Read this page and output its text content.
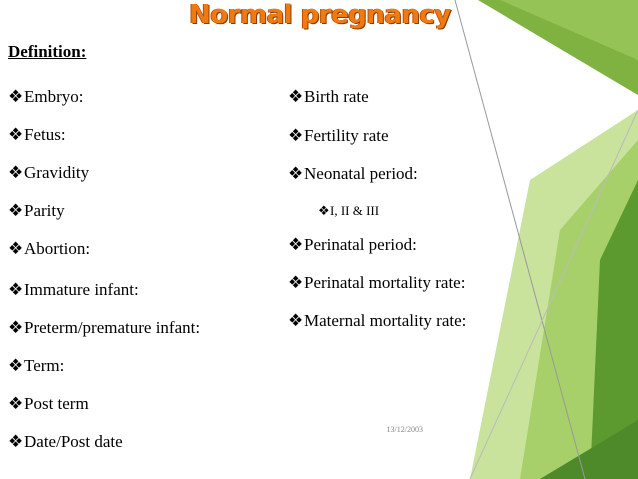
Normal pregnancy
Definition:
❖Embryo:
❖Fetus:
❖Gravidity
❖Parity
❖Abortion:
❖Immature infant:
❖Preterm/premature infant:
❖Term:
❖Post term
❖Date/Post date
❖Birth rate
❖Fertility rate
❖Neonatal period:
❖I, II & III
❖Perinatal period:
❖Perinatal mortality rate:
❖Maternal mortality rate:
13/12/2003
